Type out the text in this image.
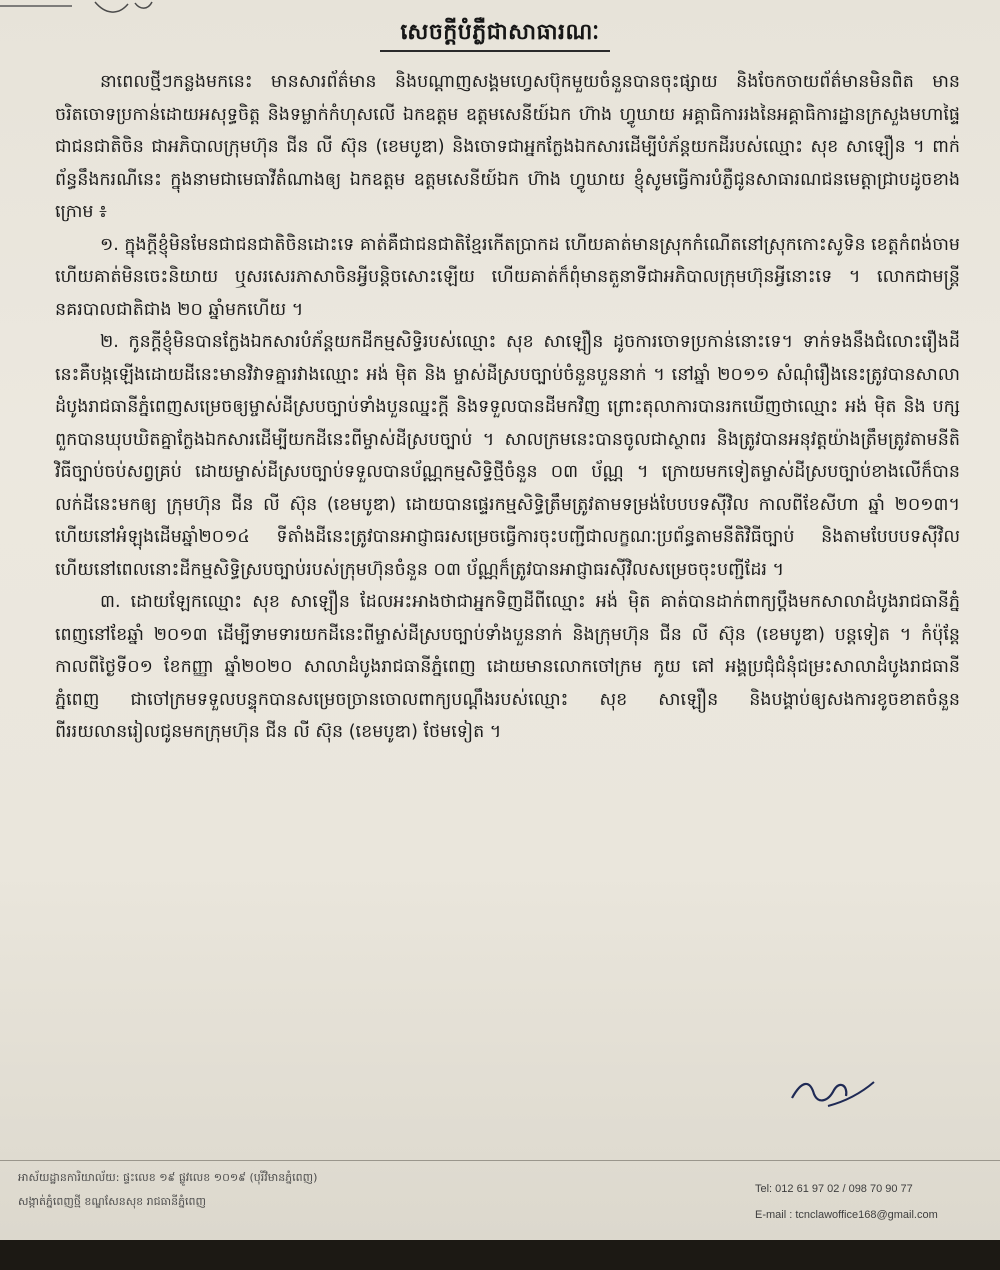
សេចក្តីបំភ្លឺជាសាធារណៈ

នាពេលថ្មីៗកន្លងមកនេះ មានសារព័ត៌មាន និងបណ្តាញសង្គមហ្វេសប៊ុកមួយចំនួនបានចុះផ្សាយ និងចែកចាយព័ត៌មានមិនពិត មានចរិតចោទប្រកាន់ដោយអសុទ្ធចិត្ត និងទម្លាក់កំហុសលើ ឯកឧត្តម ឧត្តមសេនីយ៍ឯក ហ៊ាង ហ្វូឃាយ អគ្គាធិការរងនៃអគ្គាធិការដ្ឋានក្រសួងមហាផ្ទៃ ជាជនជាតិចិន ជាអភិបាលក្រុមហ៊ុន ជីន លី ស៊ុន (ខេមបូឌា) និងចោទជាអ្នកក្លែងឯកសារដើម្បីបំភ័ន្តយកដីរបស់ឈ្មោះ សុខ សាឡឿន ។ ពាក់ព័ន្ធនឹងករណីនេះ ក្នុងនាមជាមេធាវីតំណាងឲ្យ ឯកឧត្តម ឧត្តមសេនីយ៍ឯក ហ៊ាង ហ្វូឃាយ ខ្ញុំសូមធ្វើការបំភ្លឺជូនសាធារណជនមេត្តាជ្រាបដូចខាងក្រោម ៖

១. ក្នុងក្តីខ្ញុំមិនមែនជាជនជាតិចិនដោះទេ គាត់គឺជាជនជាតិខ្មែរកើតប្រាកដ ហើយគាត់មានស្រុកកំណើតនៅស្រុកកោះសូទិន ខេត្តកំពង់ចាម ហើយគាត់មិនចេះនិយាយ ឬសរសេរភាសាចិនអ្វីបន្តិចសោះឡើយ ហើយគាត់ក៏ពុំមានតួនាទីជាអភិបាលក្រុមហ៊ុនអ្វីនោះទេ ។ លោកជាមន្ត្រីនគរបាលជាតិជាង ២០ ឆ្នាំមកហើយ ។

២. កូនក្តីខ្ញុំមិនបានក្លែងឯកសារបំភ័ន្តយកដីកម្មសិទ្ធិរបស់ឈ្មោះ សុខ សាឡឿន ដូចការចោទប្រកាន់នោះទេ។ ទាក់ទងនឹងជំលោះរឿងដីនេះគឺបង្កឡើងដោយដីនេះមានវិវាទគ្នារវាងឈ្មោះ អង់ ម៉ិត និង ម្ចាស់ដីស្របច្បាប់ចំនួនបួននាក់ ។ នៅឆ្នាំ ២០១១ សំណុំរឿងនេះត្រូវបានសាលាដំបូងរាជធានីភ្នំពេញសម្រេចឲ្យម្ចាស់ដីស្របច្បាប់ទាំងបួនឈ្នះក្តី និងទទួលបានដីមកវិញ ព្រោះតុលាការបានរកឃើញថាឈ្មោះ អង់ ម៉ិត និង បក្សពួកបានឃុបឃិតគ្នាក្លែងឯកសារដើម្បីយកដីនេះពីម្ចាស់ដីស្របច្បាប់ ។ សាលក្រមនេះបានចូលជាស្ថាពរ និងត្រូវបានអនុវត្តយ៉ាងត្រឹមត្រូវតាមនីតិវិធីច្បាប់ចប់សព្វគ្រប់ ដោយម្ចាស់ដីស្របច្បាប់ទទួលបានប័ណ្ណកម្មសិទ្ធិថ្មីចំនួន ០៣ ប័ណ្ណ ។ ក្រោយមកទៀតម្ចាស់ដីស្របច្បាប់ខាងលើក៏បានលក់ដីនេះមកឲ្យ ក្រុមហ៊ុន ជីន លី ស៊ុន (ខេមបូឌា) ដោយបានផ្ទេរកម្មសិទ្ធិត្រឹមត្រូវតាមទម្រង់បែបបទស៊ីវិល កាលពីខែសីហា ឆ្នាំ ២០១៣។ ហើយនៅអំឡុងដើមឆ្នាំ២០១៤ ទីតាំងដីនេះត្រូវបានអាជ្ញាធរសម្រេចធ្វើការចុះបញ្ជីជាលក្ខណៈប្រព័ន្ធតាមនីតិវិធីច្បាប់ និងតាមបែបបទស៊ីវិល ហើយនៅពេលនោះដីកម្មសិទ្ធិស្របច្បាប់របស់ក្រុមហ៊ុនចំនួន ០៣ ប័ណ្ណក៏ត្រូវបានអាជ្ញាធរស៊ីវិលសម្រេចចុះបញ្ជីដែរ ។

៣. ដោយឡែកឈ្មោះ សុខ សាឡឿន ដែលអះអាងថាជាអ្នកទិញដីពីឈ្មោះ អង់ ម៉ិត គាត់បានដាក់ពាក្យប្តឹងមកសាលាដំបូងរាជធានីភ្នំពេញនៅខែឆ្នាំ ២០១៣ ដើម្បីទាមទារយកដីនេះពីម្ចាស់ដីស្របច្បាប់ទាំងបួននាក់ និងក្រុមហ៊ុន ជីន លី ស៊ុន (ខេមបូឌា) បន្តទៀត ។ កំប៉ុន្តែកាលពីថ្ងៃទី០១ ខែកញ្ញា ឆ្នាំ២០២០ សាលាដំបូងរាជធានីភ្នំពេញ ដោយមានលោកចៅក្រម កូយ គៅ អង្គប្រជុំជំនុំជម្រះសាលាដំបូងរាជធានីភ្នំពេញ ជាចៅក្រមទទួលបន្ទុកបានសម្រេចច្រានចោលពាក្យបណ្តឹងរបស់ឈ្មោះ សុខ សាឡឿន និងបង្គាប់ឲ្យសងការខូចខាតចំនួនពីររយលានរៀលជូនមកក្រុមហ៊ុន ជីន លី ស៊ុន (ខេមបូឌា) ថែមទៀត ។

អាស័យដ្ឋានការិយាល័យ: ផ្ទះលេខ ១៩ ផ្លូវលេខ ១០១៩ (បុរីវិមានភ្នំពេញ)
សង្កាត់ភ្នំពេញថ្មី ខណ្ឌសែនសុខ រាជធានីភ្នំពេញ
Tel: 012 61 97 02 / 098 70 90 77
E-mail : tcnclawoffice168@gmail.com
